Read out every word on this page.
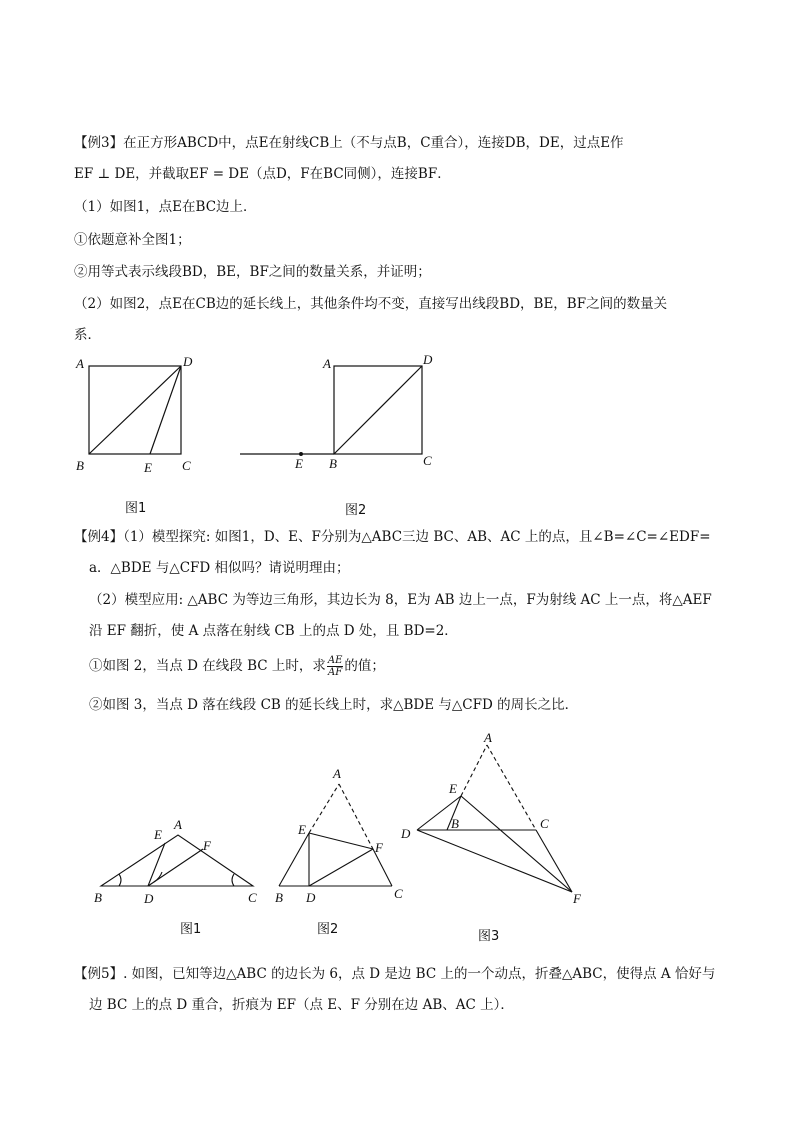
【例3】在正方形ABCD中，点E在射线CB上（不与点B，C重合），连接DB，DE，过点E作
EF ⊥ DE，并截取EF = DE（点D，F在BC同侧），连接BF．
（1）如图1，点E在BC边上．
①依题意补全图1；
②用等式表示线段BD，BE，BF之间的数量关系，并证明；
（2）如图2，点E在CB边的延长线上，其他条件均不变，直接写出线段BD，BE，BF之间的数量关
系．
A	D
B	E C
图1
A	D
B
E	C
图2
【例4】（1）模型探究: 如图1，D、E、F分别为△ABC三边 BC、AB、AC 上的点，且∠B=∠C=∠EDF=
a．△BDE 与△CFD 相似吗？请说明理由；
（2）模型应用: △ABC 为等边三角形，其边长为 8，E为 AB 边上一点，F为射线 AC 上一点，将△AEF
沿 EF 翻折，使 A 点落在射线 CB 上的点 D 处，且 BD=2．
①如图 2，当点 D 在线段 BC 上时，求 $\frac{AE}{AF}$ 的值；
②如图 3，当点 D 落在线段 CB 的延长线上时，求△BDE 与△CFD 的周长之比．
A
E
F
B	D	C
图1
A
E
F
B D	C
图2
A
E
B	C
D
F
图3
【例5】. 如图，已知等边△ABC 的边长为 6，点 D 是边 BC 上的一个动点，折叠△ABC，使得点 A 恰好与
边 BC 上的点 D 重合，折痕为 EF（点 E、F 分别在边 AB、AC 上）．
